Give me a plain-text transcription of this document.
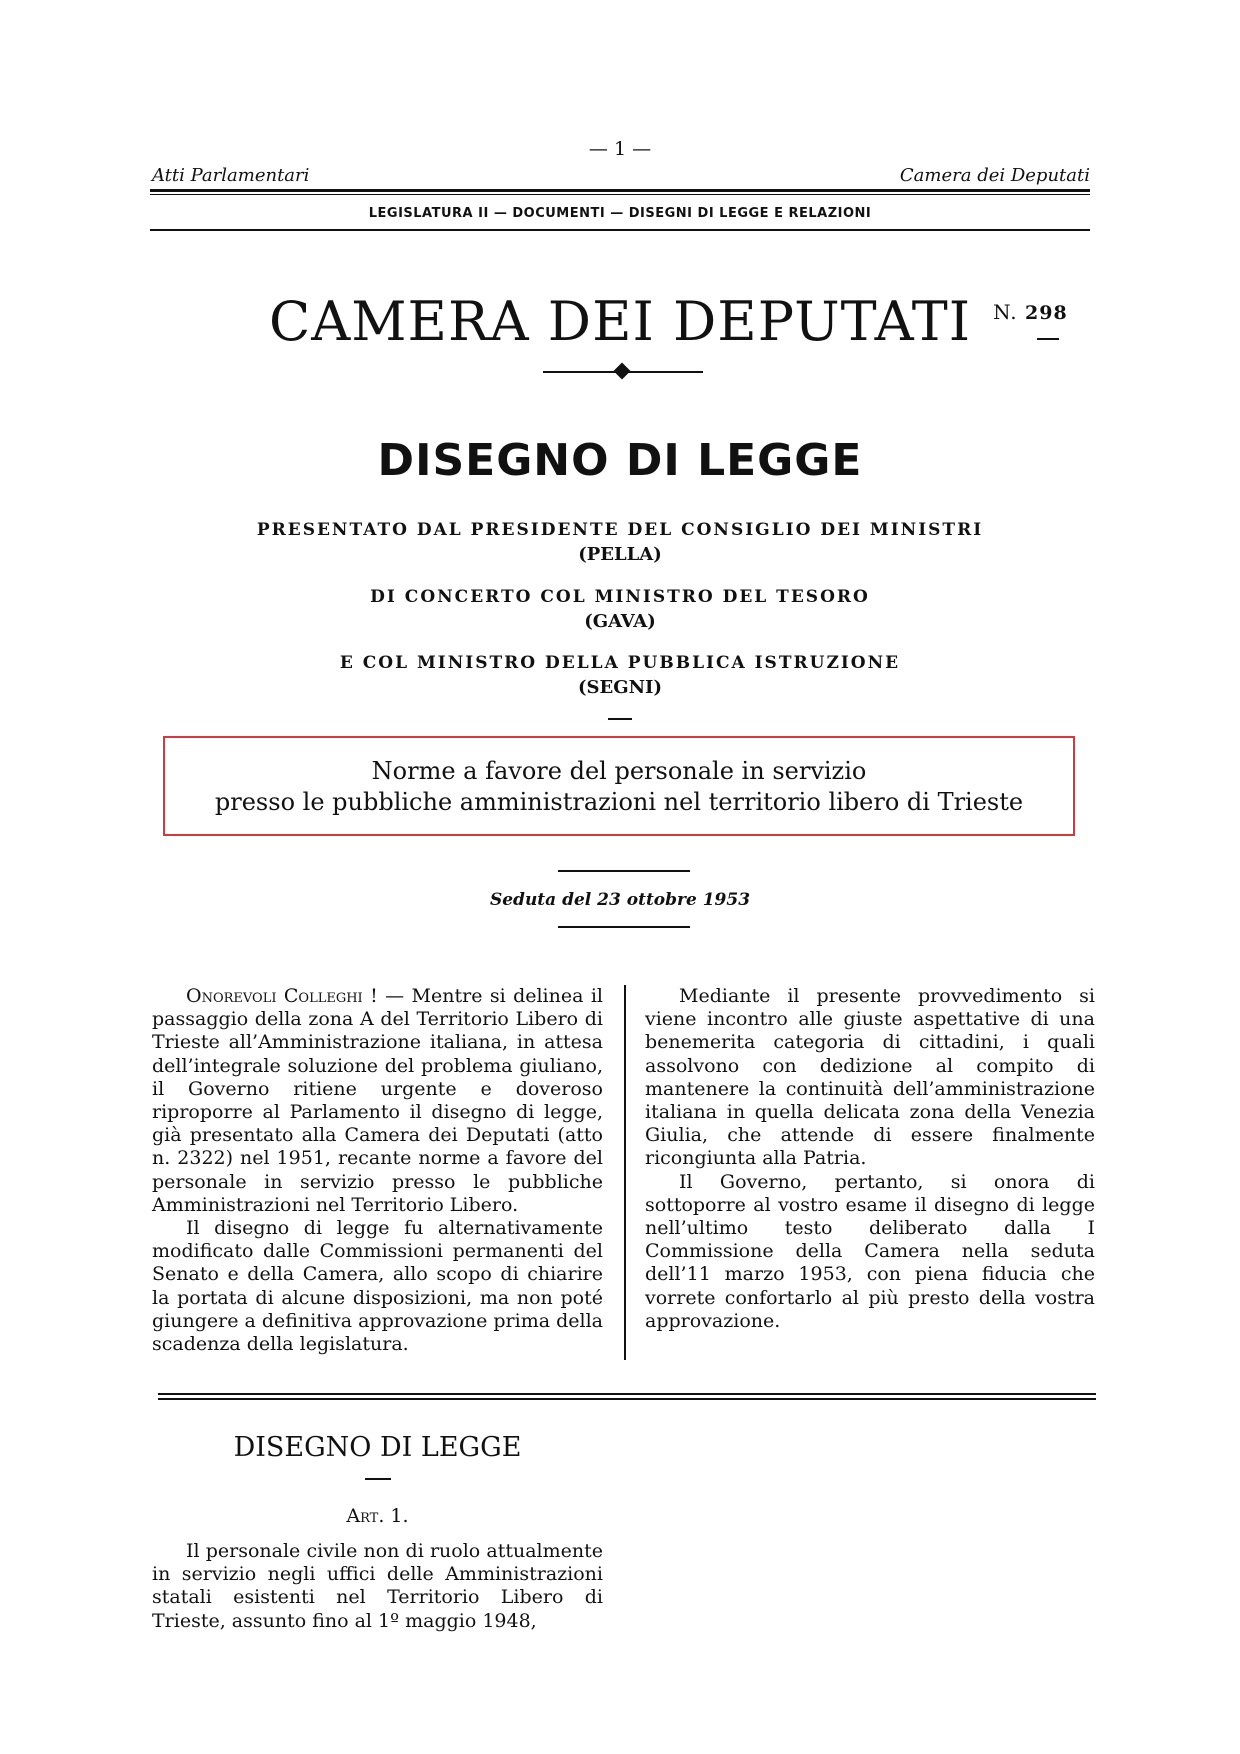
— 1 —
Atti Parlamentari	Camera dei Deputati
LEGISLATURA II — DOCUMENTI — DISEGNI DI LEGGE E RELAZIONI
CAMERA DEI DEPUTATI N. 298
DISEGNO DI LEGGE
PRESENTATO DAL PRESIDENTE DEL CONSIGLIO DEI MINISTRI
(PELLA)
DI CONCERTO COL MINISTRO DEL TESORO
(GAVA)
E COL MINISTRO DELLA PUBBLICA ISTRUZIONE
(SEGNI)
Norme a favore del personale in servizio
presso le pubbliche amministrazioni nel territorio libero di Trieste
Seduta del 23 ottobre 1953

Onorevoli Colleghi ! — Mentre si delinea il passaggio della zona A del Territorio Libero di Trieste all’Amministrazione italiana, in attesa dell’integrale soluzione del problema giuliano, il Governo ritiene urgente e doveroso riproporre al Parlamento il disegno di legge, già presentato alla Camera dei Deputati (atto n. 2322) nel 1951, recante norme a favore del personale in servizio presso le pubbliche Amministrazioni nel Territorio Libero.

Il disegno di legge fu alternativamente modificato dalle Commissioni permanenti del Senato e della Camera, allo scopo di chiarire la portata di alcune disposizioni, ma non poté giungere a definitiva approvazione prima della scadenza della legislatura.

Mediante il presente provvedimento si viene incontro alle giuste aspettative di una benemerita categoria di cittadini, i quali assolvono con dedizione al compito di mantenere la continuità dell’amministrazione italiana in quella delicata zona della Venezia Giulia, che attende di essere finalmente ricongiunta alla Patria.

Il Governo, pertanto, si onora di sottoporre al vostro esame il disegno di legge nell’ultimo testo deliberato dalla I Commissione della Camera nella seduta dell’11 marzo 1953, con piena fiducia che vorrete confortarlo al più presto della vostra approvazione.

DISEGNO DI LEGGE
Art. 1.

Il personale civile non di ruolo attualmente in servizio negli uffici delle Amministrazioni statali esistenti nel Territorio Libero di Trieste, assunto fino al 1º maggio 1948,
